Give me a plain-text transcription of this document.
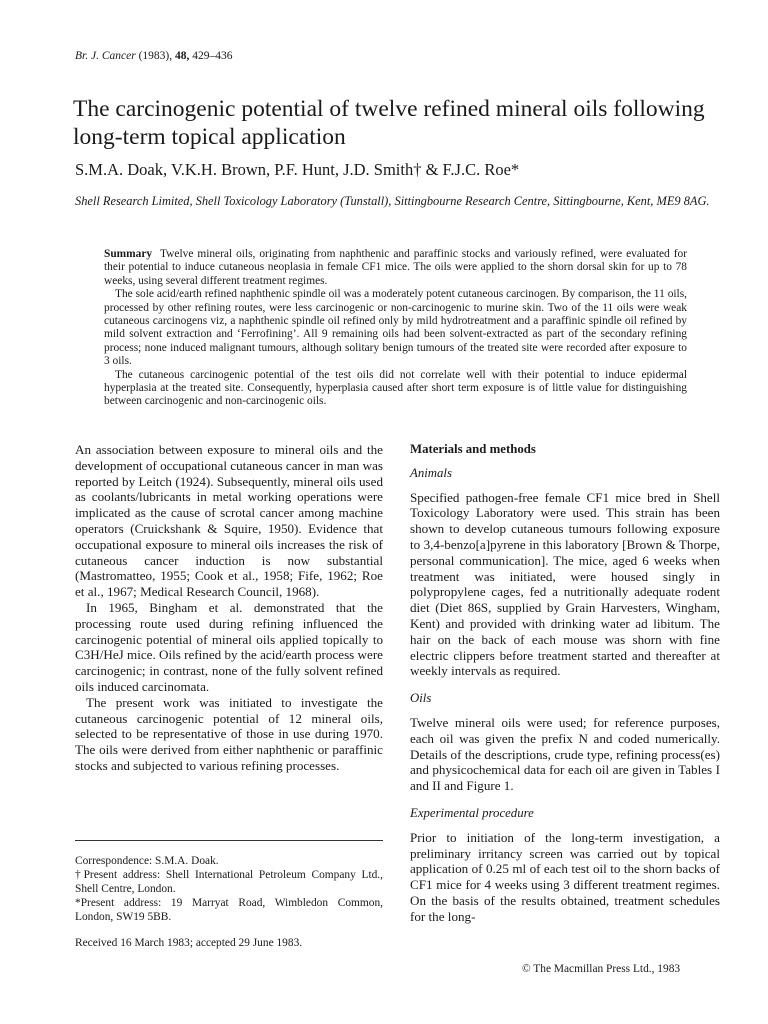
Br. J. Cancer (1983), 48, 429–436
The carcinogenic potential of twelve refined mineral oils following long-term topical application
S.M.A. Doak, V.K.H. Brown, P.F. Hunt, J.D. Smith† & F.J.C. Roe*
Shell Research Limited, Shell Toxicology Laboratory (Tunstall), Sittingbourne Research Centre, Sittingbourne, Kent, ME9 8AG.

Summary Twelve mineral oils, originating from naphthenic and paraffinic stocks and variously refined, were evaluated for their potential to induce cutaneous neoplasia in female CF1 mice. The oils were applied to the shorn dorsal skin for up to 78 weeks, using several different treatment regimes.

The sole acid/earth refined naphthenic spindle oil was a moderately potent cutaneous carcinogen. By comparison, the 11 oils, processed by other refining routes, were less carcinogenic or non-carcinogenic to murine skin. Two of the 11 oils were weak cutaneous carcinogens viz, a naphthenic spindle oil refined only by mild hydrotreatment and a paraffinic spindle oil refined by mild solvent extraction and ‘Ferrofining’. All 9 remaining oils had been solvent-extracted as part of the secondary refining process; none induced malignant tumours, although solitary benign tumours of the treated site were recorded after exposure to 3 oils.

The cutaneous carcinogenic potential of the test oils did not correlate well with their potential to induce epidermal hyperplasia at the treated site. Consequently, hyperplasia caused after short term exposure is of little value for distinguishing between carcinogenic and non-carcinogenic oils.

An association between exposure to mineral oils and the development of occupational cutaneous cancer in man was reported by Leitch (1924). Subsequently, mineral oils used as coolants/lubricants in metal working operations were implicated as the cause of scrotal cancer among machine operators (Cruickshank & Squire, 1950). Evidence that occupational exposure to mineral oils increases the risk of cutaneous cancer induction is now substantial (Mastromatteo, 1955; Cook et al., 1958; Fife, 1962; Roe et al., 1967; Medical Research Council, 1968).

In 1965, Bingham et al. demonstrated that the processing route used during refining influenced the carcinogenic potential of mineral oils applied topically to C3H/HeJ mice. Oils refined by the acid/earth process were carcinogenic; in contrast, none of the fully solvent refined oils induced carcinomata.

The present work was initiated to investigate the cutaneous carcinogenic potential of 12 mineral oils, selected to be representative of those in use during 1970. The oils were derived from either naphthenic or paraffinic stocks and subjected to various refining processes.

Correspondence: S.M.A. Doak.

†Present address: Shell International Petroleum Company Ltd., Shell Centre, London.

*Present address: 19 Marryat Road, Wimbledon Common, London, SW19 5BB.

Received 16 March 1983; accepted 29 June 1983.
Materials and methods
Animals

Specified pathogen-free female CF1 mice bred in Shell Toxicology Laboratory were used. This strain has been shown to develop cutaneous tumours following exposure to 3,4-benzo[a]pyrene in this laboratory [Brown & Thorpe, personal communication]. The mice, aged 6 weeks when treatment was initiated, were housed singly in polypropylene cages, fed a nutritionally adequate rodent diet (Diet 86S, supplied by Grain Harvesters, Wingham, Kent) and provided with drinking water ad libitum. The hair on the back of each mouse was shorn with fine electric clippers before treatment started and thereafter at weekly intervals as required.

Oils

Twelve mineral oils were used; for reference purposes, each oil was given the prefix N and coded numerically. Details of the descriptions, crude type, refining process(es) and physicochemical data for each oil are given in Tables I and II and Figure 1.

Experimental procedure

Prior to initiation of the long-term investigation, a preliminary irritancy screen was carried out by topical application of 0.25 ml of each test oil to the shorn backs of CF1 mice for 4 weeks using 3 different treatment regimes. On the basis of the results obtained, treatment schedules for the long-

© The Macmillan Press Ltd., 1983
